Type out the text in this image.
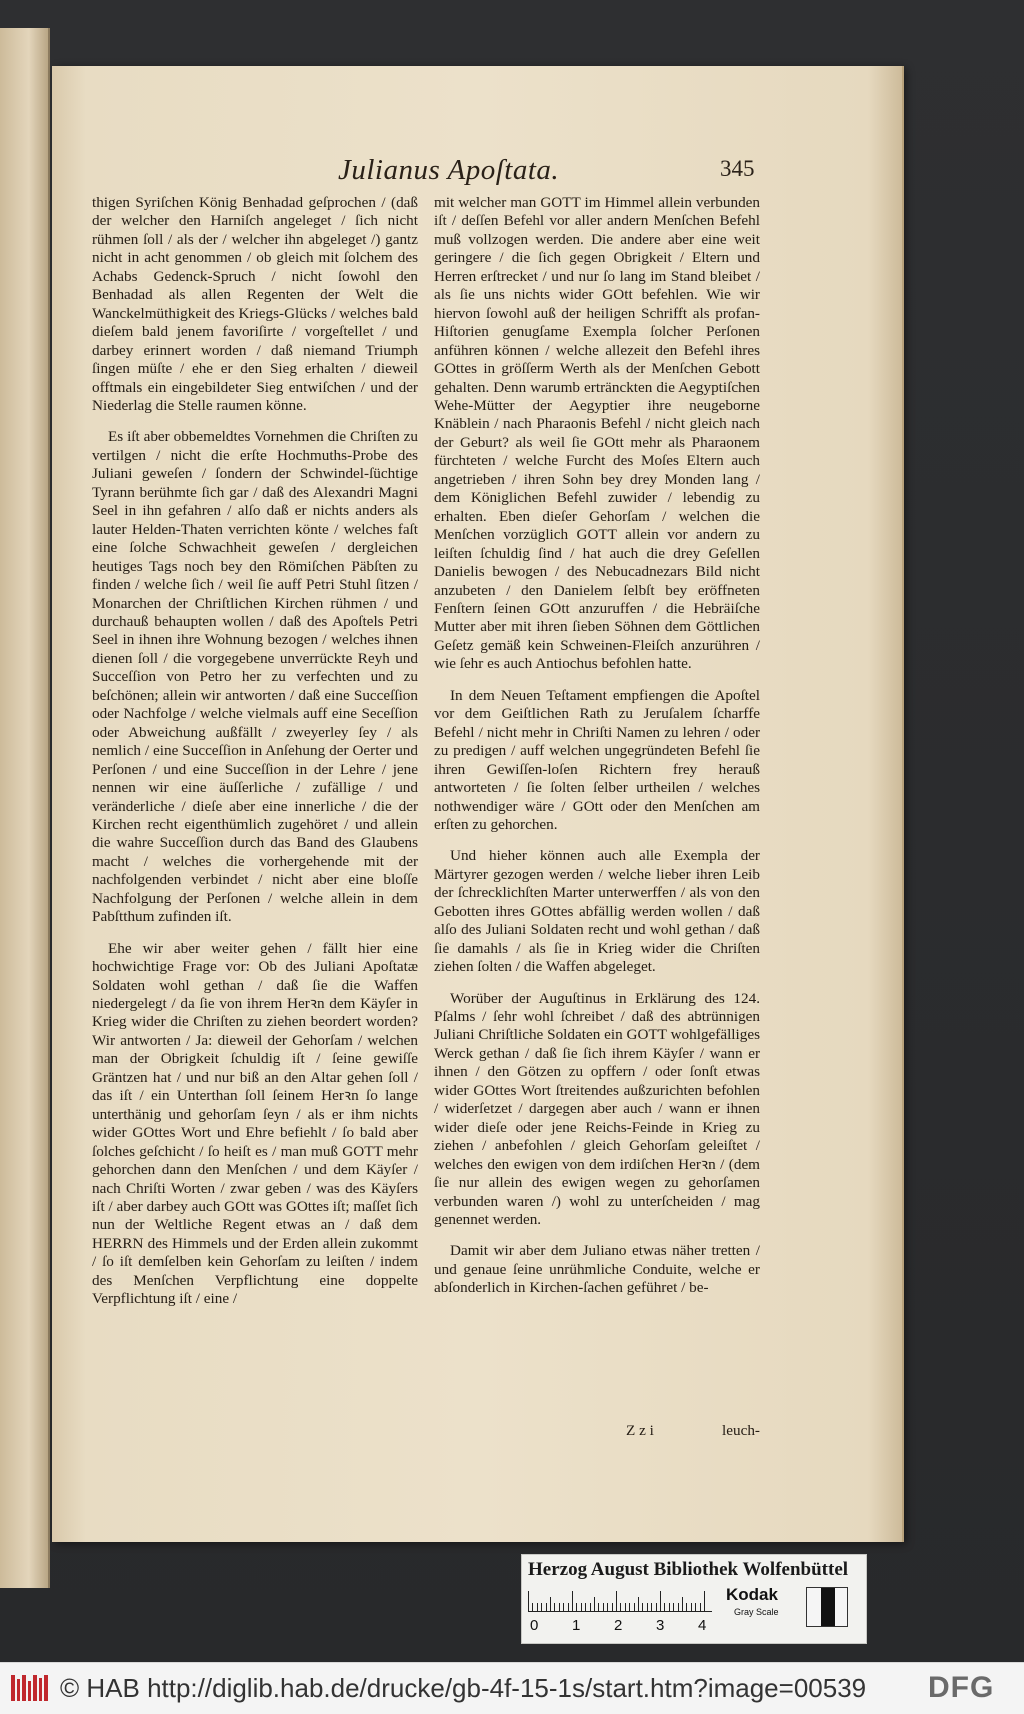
Julianus Apoſtata.	345

thigen Syriſchen König Benhadad geſprochen / (daß der welcher den Harniſch angeleget / ſich nicht rühmen ſoll / als der / welcher ihn abgeleget /) gantz nicht in acht genommen / ob gleich mit ſolchem des Achabs Gedenck-Spruch / nicht ſowohl den Benhadad als allen Regenten der Welt die Wanckelmüthigkeit des Kriegs-Glücks / welches bald dieſem bald jenem favoriſirte / vorgeſtellet / und darbey erinnert worden / daß niemand Triumph ſingen müſte / ehe er den Sieg erhalten / dieweil offtmals ein eingebildeter Sieg entwiſchen / und der Niederlag die Stelle raumen könne.

Es iſt aber obbemeldtes Vornehmen die Chriſten zu vertilgen / nicht die erſte Hochmuths-Probe des Juliani geweſen / ſondern der Schwindel-ſüchtige Tyrann berühmte ſich gar / daß des Alexandri Magni Seel in ihn gefahren / alſo daß er nichts anders als lauter Helden-Thaten verrichten könte / welches faſt eine ſolche Schwachheit geweſen / dergleichen heutiges Tags noch bey den Römiſchen Päbſten zu finden / welche ſich / weil ſie auff Petri Stuhl ſitzen / Monarchen der Chriſtlichen Kirchen rühmen / und durchauß behaupten wollen / daß des Apoſtels Petri Seel in ihnen ihre Wohnung bezogen / welches ihnen dienen ſoll / die vorgegebene unverrückte Reyh und Succeſſion von Petro her zu verfechten und zu beſchönen; allein wir antworten / daß eine Succeſſion oder Nachfolge / welche vielmals auff eine Seceſſion oder Abweichung außfällt / zweyerley ſey / als nemlich / eine Succeſſion in Anſehung der Oerter und Perſonen / und eine Succeſſion in der Lehre / jene nennen wir eine äuſſerliche / zufällige / und veränderliche / dieſe aber eine innerliche / die der Kirchen recht eigenthümlich zugehöret / und allein die wahre Succeſſion durch das Band des Glaubens macht / welches die vorhergehende mit der nachfolgenden verbindet / nicht aber eine bloſſe Nachfolgung der Perſonen / welche allein in dem Pabſtthum zufinden iſt.

Ehe wir aber weiter gehen / fällt hier eine hochwichtige Frage vor: Ob des Juliani Apoſtatæ Soldaten wohl gethan / daß ſie die Waffen niedergelegt / da ſie von ihrem Herꝛn dem Käyſer in Krieg wider die Chriſten zu ziehen beordert worden? Wir antworten / Ja: dieweil der Gehorſam / welchen man der Obrigkeit ſchuldig iſt / ſeine gewiſſe Gräntzen hat / und nur biß an den Altar gehen ſoll / das iſt / ein Unterthan ſoll ſeinem Herꝛn ſo lange unterthänig und gehorſam ſeyn / als er ihm nichts wider GOttes Wort und Ehre befiehlt / ſo bald aber ſolches geſchicht / ſo heiſt es / man muß GOTT mehr gehorchen dann den Menſchen / und dem Käyſer / nach Chriſti Worten / zwar geben / was des Käyſers iſt / aber darbey auch GOtt was GOttes iſt; maſſet ſich nun der Weltliche Regent etwas an / daß dem HERRN des Himmels und der Erden allein zukommt / ſo iſt demſelben kein Gehorſam zu leiſten / indem des Menſchen Verpflichtung eine doppelte Verpflichtung iſt / eine /

mit welcher man GOTT im Himmel allein verbunden iſt / deſſen Befehl vor aller andern Menſchen Befehl muß vollzogen werden. Die andere aber eine weit geringere / die ſich gegen Obrigkeit / Eltern und Herren erſtrecket / und nur ſo lang im Stand bleibet / als ſie uns nichts wider GOtt befehlen. Wie wir hiervon ſowohl auß der heiligen Schrifft als profan-Hiſtorien genugſame Exempla ſolcher Perſonen anführen können / welche allezeit den Befehl ihres GOttes in gröſſerm Werth als der Menſchen Gebott gehalten. Denn warumb ertränckten die Aegyptiſchen Wehe-Mütter der Aegyptier ihre neugeborne Knäblein / nach Pharaonis Befehl / nicht gleich nach der Geburt? als weil ſie GOtt mehr als Pharaonem fürchteten / welche Furcht des Moſes Eltern auch angetrieben / ihren Sohn bey drey Monden lang / dem Königlichen Befehl zuwider / lebendig zu erhalten. Eben dieſer Gehorſam / welchen die Menſchen vorzüglich GOTT allein vor andern zu leiſten ſchuldig ſind / hat auch die drey Geſellen Danielis bewogen / des Nebucadnezars Bild nicht anzubeten / den Danielem ſelbſt bey eröffneten Fenſtern ſeinen GOtt anzuruffen / die Hebräiſche Mutter aber mit ihren ſieben Söhnen dem Göttlichen Geſetz gemäß kein Schweinen-Fleiſch anzurühren / wie ſehr es auch Antiochus befohlen hatte.

In dem Neuen Teſtament empfiengen die Apoſtel vor dem Geiſtlichen Rath zu Jeruſalem ſcharffe Befehl / nicht mehr in Chriſti Namen zu lehren / oder zu predigen / auff welchen ungegründeten Befehl ſie ihren Gewiſſen-loſen Richtern frey herauß antworteten / ſie ſolten ſelber urtheilen / welches nothwendiger wäre / GOtt oder den Menſchen am erſten zu gehorchen.

Und hieher können auch alle Exempla der Märtyrer gezogen werden / welche lieber ihren Leib der ſchrecklichſten Marter unterwerffen / als von den Gebotten ihres GOttes abfällig werden wollen / daß alſo des Juliani Soldaten recht und wohl gethan / daß ſie damahls / als ſie in Krieg wider die Chriſten ziehen ſolten / die Waffen abgeleget.

Worüber der Auguſtinus in Erklärung des 124. Pſalms / ſehr wohl ſchreibet / daß des abtrünnigen Juliani Chriſtliche Soldaten ein GOTT wohlgefälliges Werck gethan / daß ſie ſich ihrem Käyſer / wann er ihnen / den Götzen zu opffern / oder ſonſt etwas wider GOttes Wort ſtreitendes außzurichten befohlen / widerſetzet / dargegen aber auch / wann er ihnen wider dieſe oder jene Reichs-Feinde in Krieg zu ziehen / anbefohlen / gleich Gehorſam geleiſtet / welches den ewigen von dem irdiſchen Herꝛn / (dem ſie nur allein des ewigen wegen zu gehorſamen verbunden waren /) wohl zu unterſcheiden / mag genennet werden.

Damit wir aber dem Juliano etwas näher tretten / und genaue ſeine unrühmliche Conduite, welche er abſonderlich in Kirchen-ſachen geführet / be-

Z z i	leuch-
Herzog August Bibliothek Wolfenbüttel
0 1 2 3 4
Kodak
Gray Scale
© HAB http://diglib.hab.de/drucke/gb-4f-15-1s/start.htm?image=00539 DFG
